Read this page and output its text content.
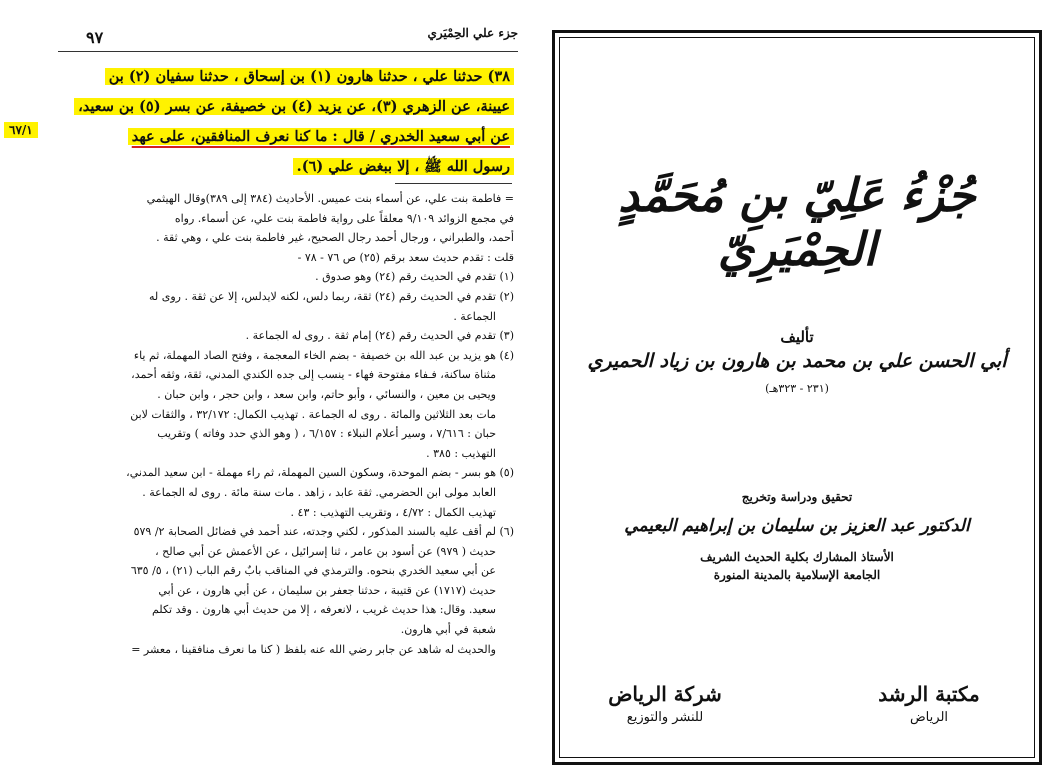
٩٧	جزء علي الحِمْيَري
٦٧/١
٣٨) حدثنا علي ، حدثنا هارون (١) بن إسحاق ، حدثنا سفيان (٢) بن
عيينة، عن الزهري (٣)، عن يزيد (٤) بن خصيفة، عن بسر (٥) بن سعيد،
عن أبي سعيد الخدري / قال : ما كنا نعرف المنافقين، على عهد
رسول الله ﷺ ، إلا ببغض علي (٦).
= فاطمة بنت علي، عن أسماء بنت عميس. الأحاديث (٣٨٤ إلى ٣٨٩)وقال الهيثمي
في مجمع الزوائد ٩/١٠٩ معلقاً على رواية فاطمة بنت علي، عن أسماء. رواه
أحمد، والطبراني ، ورجال أحمد رجال الصحيح، غير فاطمة بنت علي ، وهي ثقة .
قلت : تقدم حديث سعد برقم (٢٥) ص ٧٦ - ٧٨ -
(١) تقدم في الحديث رقم (٢٤) وهو صدوق .
(٢) تقدم في الحديث رقم (٢٤) ثقة، ربما دلس، لكنه لايدلس، إلا عن ثقة . روى له
الجماعة .
(٣) تقدم في الحديث رقم (٢٤) إمام ثقة . روى له الجماعة .
(٤) هو يزيد بن عبد الله بن خصيفة - بضم الخاء المعجمة ، وفتح الصاد المهملة، ثم ياء
مثناة ساكنة، فـفاء مفتوحة فهاء - ينسب إلى جده الكندي المدني، ثقة، وثقه أحمد،
ويحيى بن معين ، والنسائي ، وأبو حاتم، وابن سعد ، وابن حجر ، وابن حبان .
مات بعد الثلاثين والمائة . روى له الجماعة . تهذيب الكمال: ٣٢/١٧٢ ، والثقات لابن
حبان : ٧/٦١٦ ، وسير أعلام النبلاء : ٦/١٥٧ ، ( وهو الذي حدد وفاته ) وتقريب
التهذيب : ٣٨٥ .
(٥) هو بسر - بضم الموحدة، وسكون السين المهملة، ثم راء مهملة - ابن سعيد المدني،
العابد مولى ابن الحضرمي. ثقة عابد ، زاهد . مات سنة مائة . روى له الجماعة .
تهذيب الكمال : ٤/٧٢ ، وتقريب التهذيب : ٤٣ .
(٦) لم أقف عليه بالسند المذكور ، لكني وجدته، عند أحمد في فضائل الصحابة ٢/ ٥٧٩
حديث ( ٩٧٩) عن أسود بن عامر ، ثنا إسرائيل ، عن الأعمش عن أبي صالح ،
عن أبي سعيد الخدري بنحوه. والترمذي في المناقب بابٌ رقم الباب (٢١) ، ٥/ ٦٣٥
حديث (١٧١٧) عن قتيبة ، حدثنا جعفر بن سليمان ، عن أبي هارون ، عن أبي
سعيد. وقال: هذا حديث غريب ، لانعرفه ، إلا من حديث أبي هارون . وقد تكلم
شعبة في أبي هارون.
والحديث له شاهد عن جابر رضي الله عنه بلفظ ( كنا ما نعرف منافقينا ، معشر =
جُزْءُ عَلِيّ بنِ مُحَمَّدٍ الحِمْيَرِيّ
تأليف
أبي الحسن علي بن محمد بن هارون بن زياد الحميري
(٢٣١ - ٣٢٣هـ)
تحقيق ودراسة وتخريج
الدكتور عبد العزيز بن سليمان بن إبراهيم البعيمي
الأستاذ المشارك بكلية الحديث الشريف
الجامعة الإسلامية بالمدينة المنورة
مكتبة الرشد
الرياض
شركة الرياض
للنشر والتوزيع
